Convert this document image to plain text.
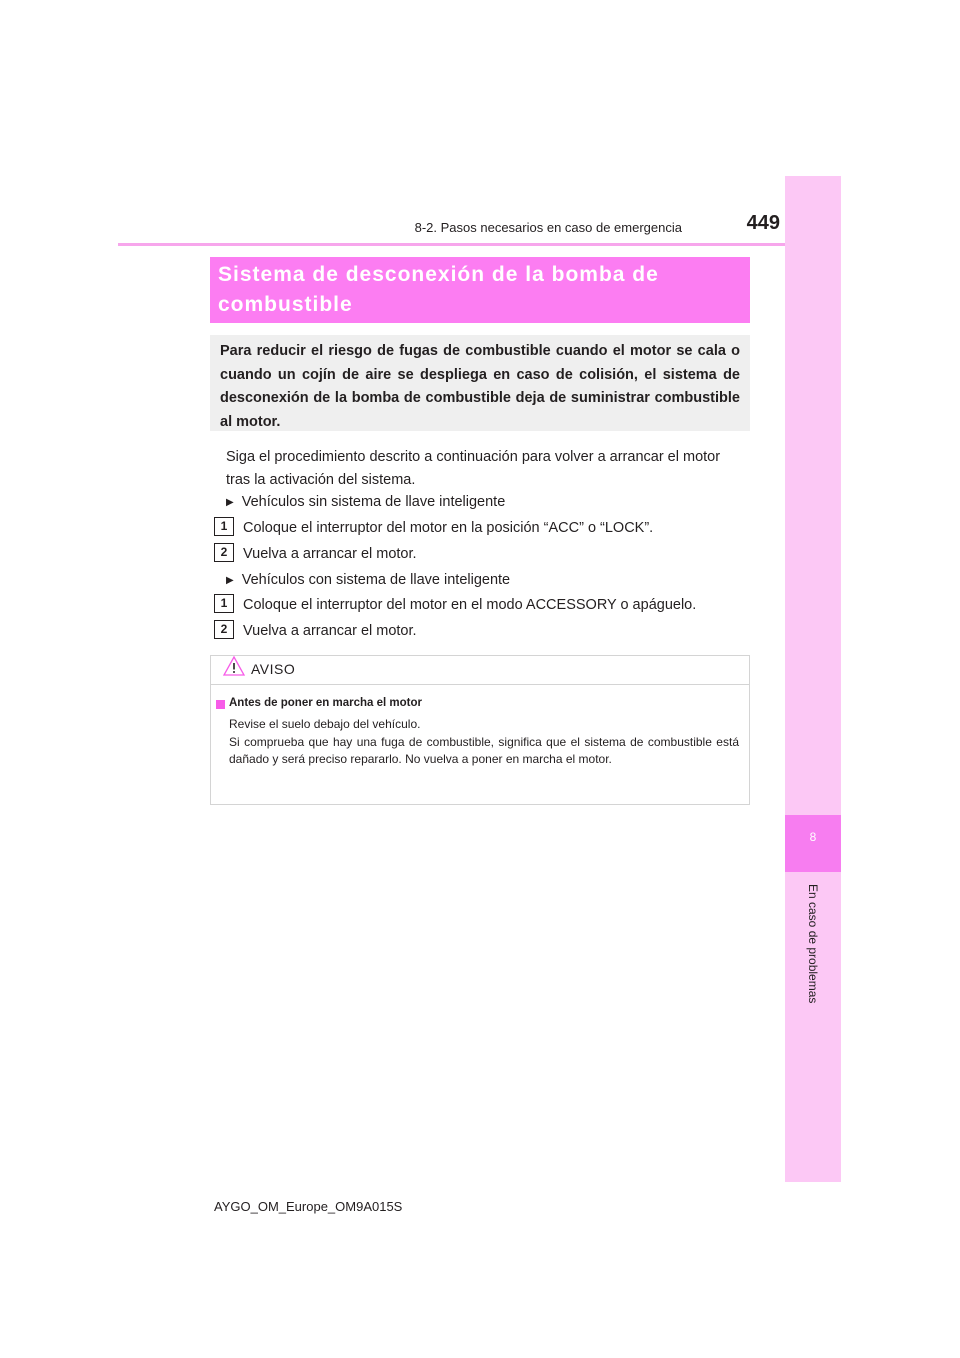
8-2. Pasos necesarios en caso de emergencia	449
8
En caso de problemas
Sistema de desconexión de la bomba de
combustible
Para reducir el riesgo de fugas de combustible cuando el motor se cala o cuando un cojín de aire se despliega en caso de colisión, el sistema de desconexión de la bomba de combustible deja de suministrar combustible al motor.
Siga el procedimiento descrito a continuación para volver a arrancar el motor tras la activación del sistema.
▶ Vehículos sin sistema de llave inteligente
1	Coloque el interruptor del motor en la posición “ACC” o “LOCK”.
2	Vuelva a arrancar el motor.
▶ Vehículos con sistema de llave inteligente
1	Coloque el interruptor del motor en el modo ACCESSORY o apáguelo.
2	Vuelva a arrancar el motor.
AVISO
Antes de poner en marcha el motor
Revise el suelo debajo del vehículo.
Si comprueba que hay una fuga de combustible, significa que el sistema de combustible está dañado y será preciso repararlo. No vuelva a poner en marcha el motor.
AYGO_OM_Europe_OM9A015S
